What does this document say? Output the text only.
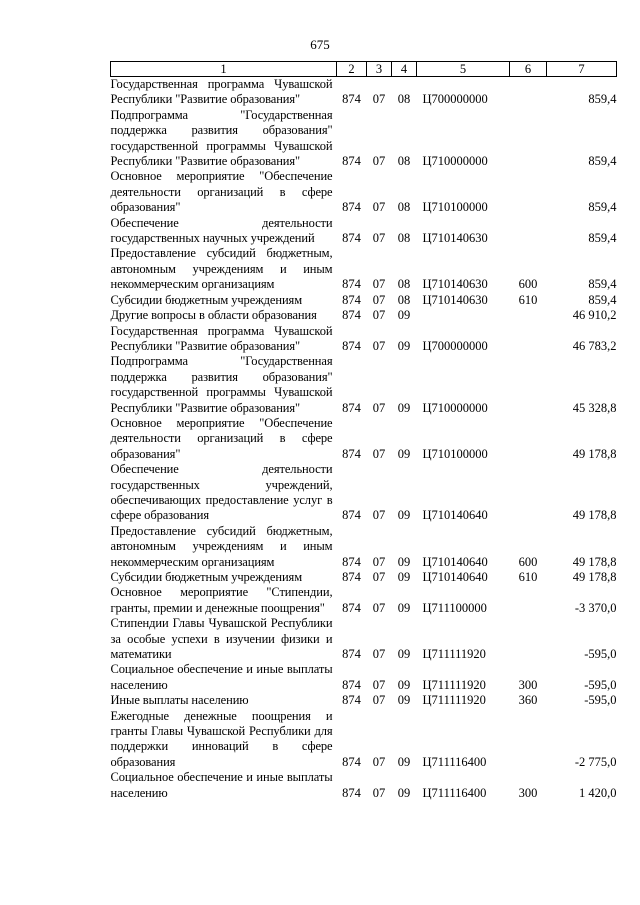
675
1	2	3	4	5	6	7
Государственная программа Чувашской Республики "Развитие образования"	874	07	08	Ц700000000		859,4
Подпрограмма "Государственная поддержка развития образования" государственной программы Чувашской Республики "Развитие образования"	874	07	08	Ц710000000		859,4
Основное мероприятие "Обеспечение деятельности организаций в сфере образования"	874	07	08	Ц710100000		859,4
Обеспечение деятельности государственных научных учреждений	874	07	08	Ц710140630		859,4
Предоставление субсидий бюджетным, автономным учреждениям и иным некоммерческим организациям	874	07	08	Ц710140630	600	859,4
Субсидии бюджетным учреждениям	874	07	08	Ц710140630	610	859,4
Другие вопросы в области образования	874	07	09			46 910,2
Государственная программа Чувашской Республики "Развитие образования"	874	07	09	Ц700000000		46 783,2
Подпрограмма "Государственная поддержка развития образования" государственной программы Чувашской Республики "Развитие образования"	874	07	09	Ц710000000		45 328,8
Основное мероприятие "Обеспечение деятельности организаций в сфере образования"	874	07	09	Ц710100000		49 178,8
Обеспечение деятельности государственных учреждений, обеспечивающих предоставление услуг в сфере образования	874	07	09	Ц710140640		49 178,8
Предоставление субсидий бюджетным, автономным учреждениям и иным некоммерческим организациям	874	07	09	Ц710140640	600	49 178,8
Субсидии бюджетным учреждениям	874	07	09	Ц710140640	610	49 178,8
Основное мероприятие "Стипендии, гранты, премии и денежные поощрения"	874	07	09	Ц711100000		-3 370,0
Стипендии Главы Чувашской Республики за особые успехи в изучении физики и математики	874	07	09	Ц711111920		-595,0
Социальное обеспечение и иные выплаты населению	874	07	09	Ц711111920	300	-595,0
Иные выплаты населению	874	07	09	Ц711111920	360	-595,0
Ежегодные денежные поощрения и гранты Главы Чувашской Республики для поддержки инноваций в сфере образования	874	07	09	Ц711116400		-2 775,0
Социальное обеспечение и иные выплаты населению	874	07	09	Ц711116400	300	1 420,0
